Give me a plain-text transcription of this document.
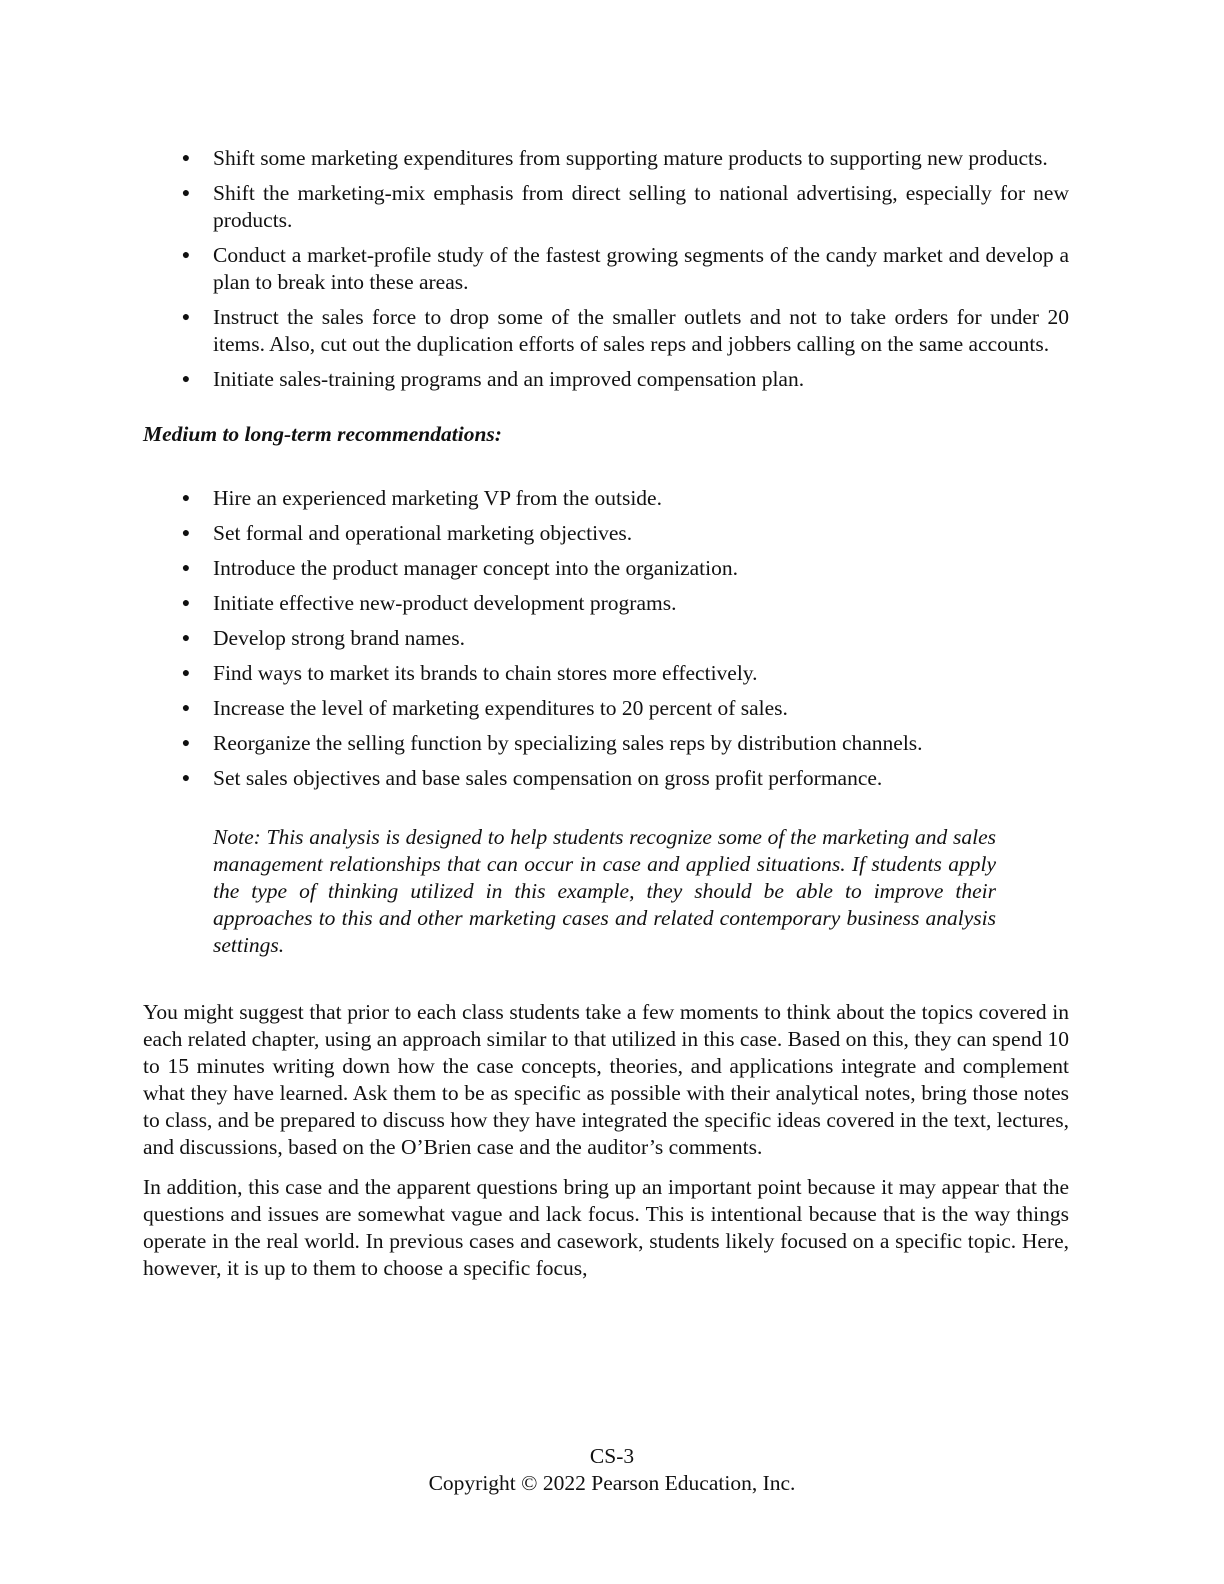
● Shift some marketing expenditures from supporting mature products to supporting new products.
● Shift the marketing-mix emphasis from direct selling to national advertising, especially for new products.
● Conduct a market-profile study of the fastest growing segments of the candy market and develop a plan to break into these areas.
● Instruct the sales force to drop some of the smaller outlets and not to take orders for under 20 items. Also, cut out the duplication efforts of sales reps and jobbers calling on the same accounts.
● Initiate sales-training programs and an improved compensation plan.
Medium to long-term recommendations:
● Hire an experienced marketing VP from the outside.
● Set formal and operational marketing objectives.
● Introduce the product manager concept into the organization.
● Initiate effective new-product development programs.
● Develop strong brand names.
● Find ways to market its brands to chain stores more effectively.
● Increase the level of marketing expenditures to 20 percent of sales.
● Reorganize the selling function by specializing sales reps by distribution channels.
● Set sales objectives and base sales compensation on gross profit performance.

Note: This analysis is designed to help students recognize some of the marketing and sales management relationships that can occur in case and applied situations. If students apply the type of thinking utilized in this example, they should be able to improve their approaches to this and other marketing cases and related contemporary business analysis settings.

You might suggest that prior to each class students take a few moments to think about the topics covered in each related chapter, using an approach similar to that utilized in this case. Based on this, they can spend 10 to 15 minutes writing down how the case concepts, theories, and applications integrate and complement what they have learned. Ask them to be as specific as possible with their analytical notes, bring those notes to class, and be prepared to discuss how they have integrated the specific ideas covered in the text, lectures, and discussions, based on the O’Brien case and the auditor’s comments.

In addition, this case and the apparent questions bring up an important point because it may appear that the questions and issues are somewhat vague and lack focus. This is intentional because that is the way things operate in the real world. In previous cases and casework, students likely focused on a specific topic. Here, however, it is up to them to choose a specific focus,

CS-3
Copyright © 2022 Pearson Education, Inc.
